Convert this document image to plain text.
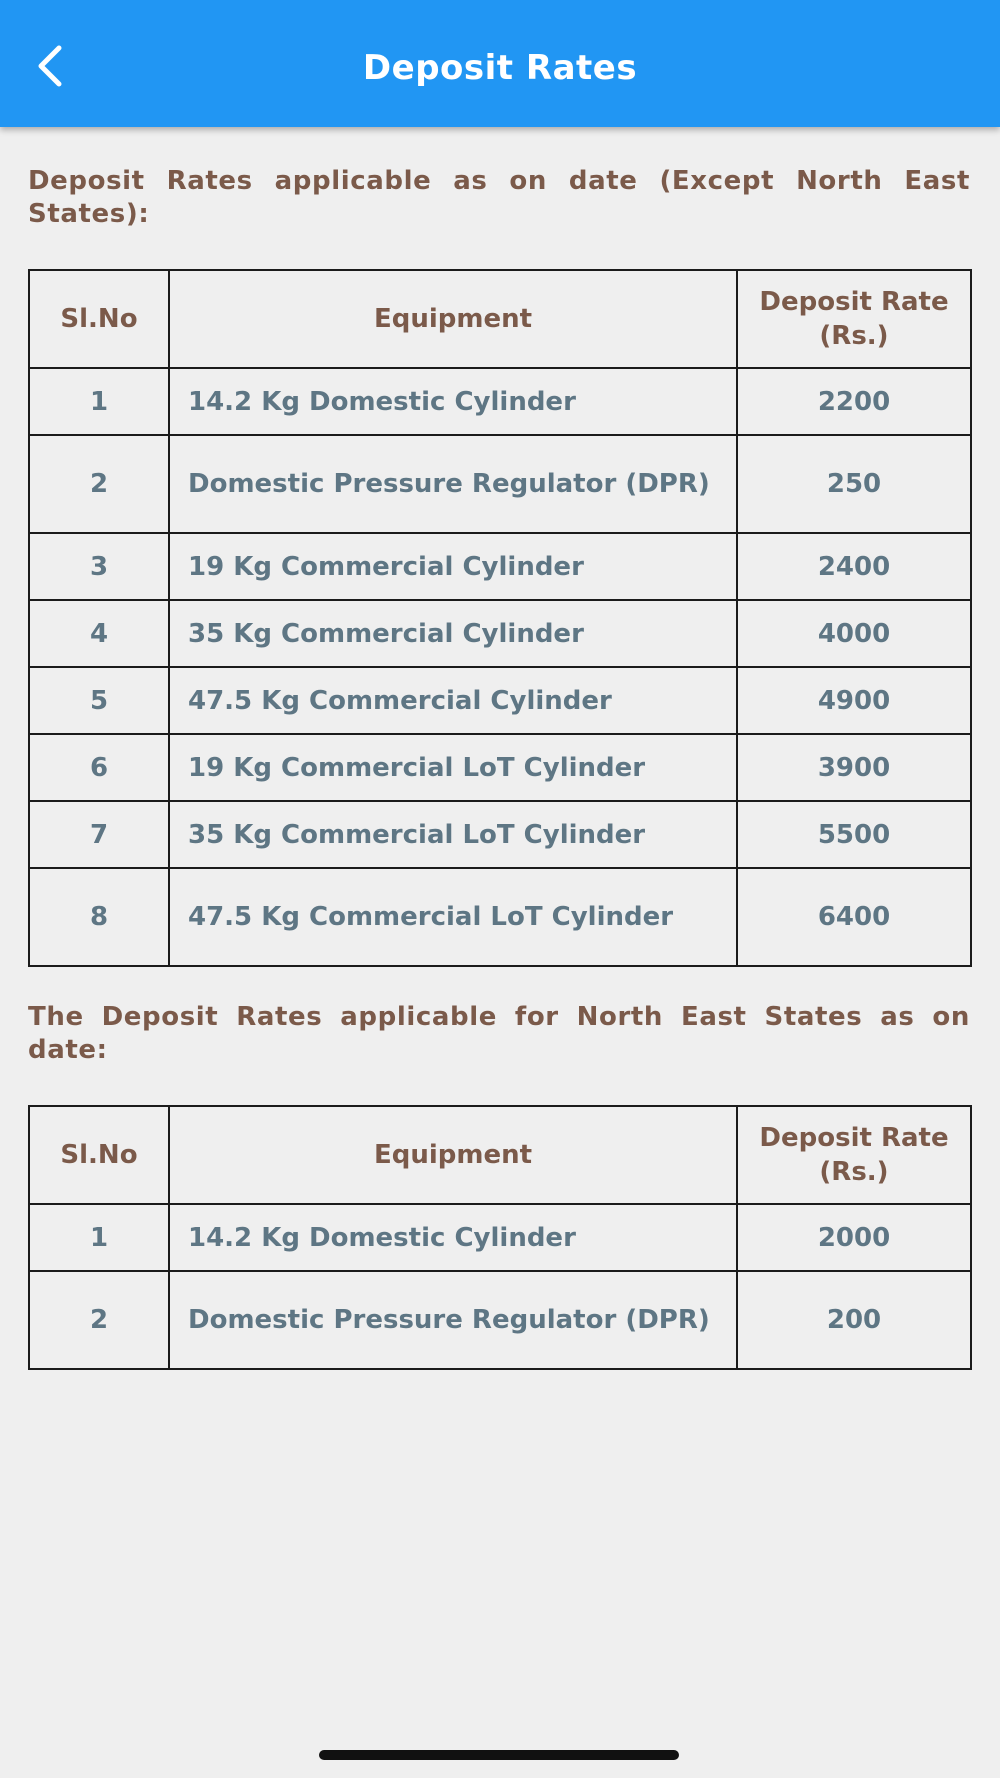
Deposit Rates

Deposit Rates applicable as on date (Except North East States):

Sl.No	Equipment	Deposit Rate (Rs.)
1	14.2 Kg Domestic Cylinder	2200
2	Domestic Pressure Regulator (DPR)	250
3	19 Kg Commercial Cylinder	2400
4	35 Kg Commercial Cylinder	4000
5	47.5 Kg Commercial Cylinder	4900
6	19 Kg Commercial LoT Cylinder	3900
7	35 Kg Commercial LoT Cylinder	5500
8	47.5 Kg Commercial LoT Cylinder	6400

The Deposit Rates applicable for North East States as on date:

Sl.No	Equipment	Deposit Rate (Rs.)
1	14.2 Kg Domestic Cylinder	2000
2	Domestic Pressure Regulator (DPR)	200
